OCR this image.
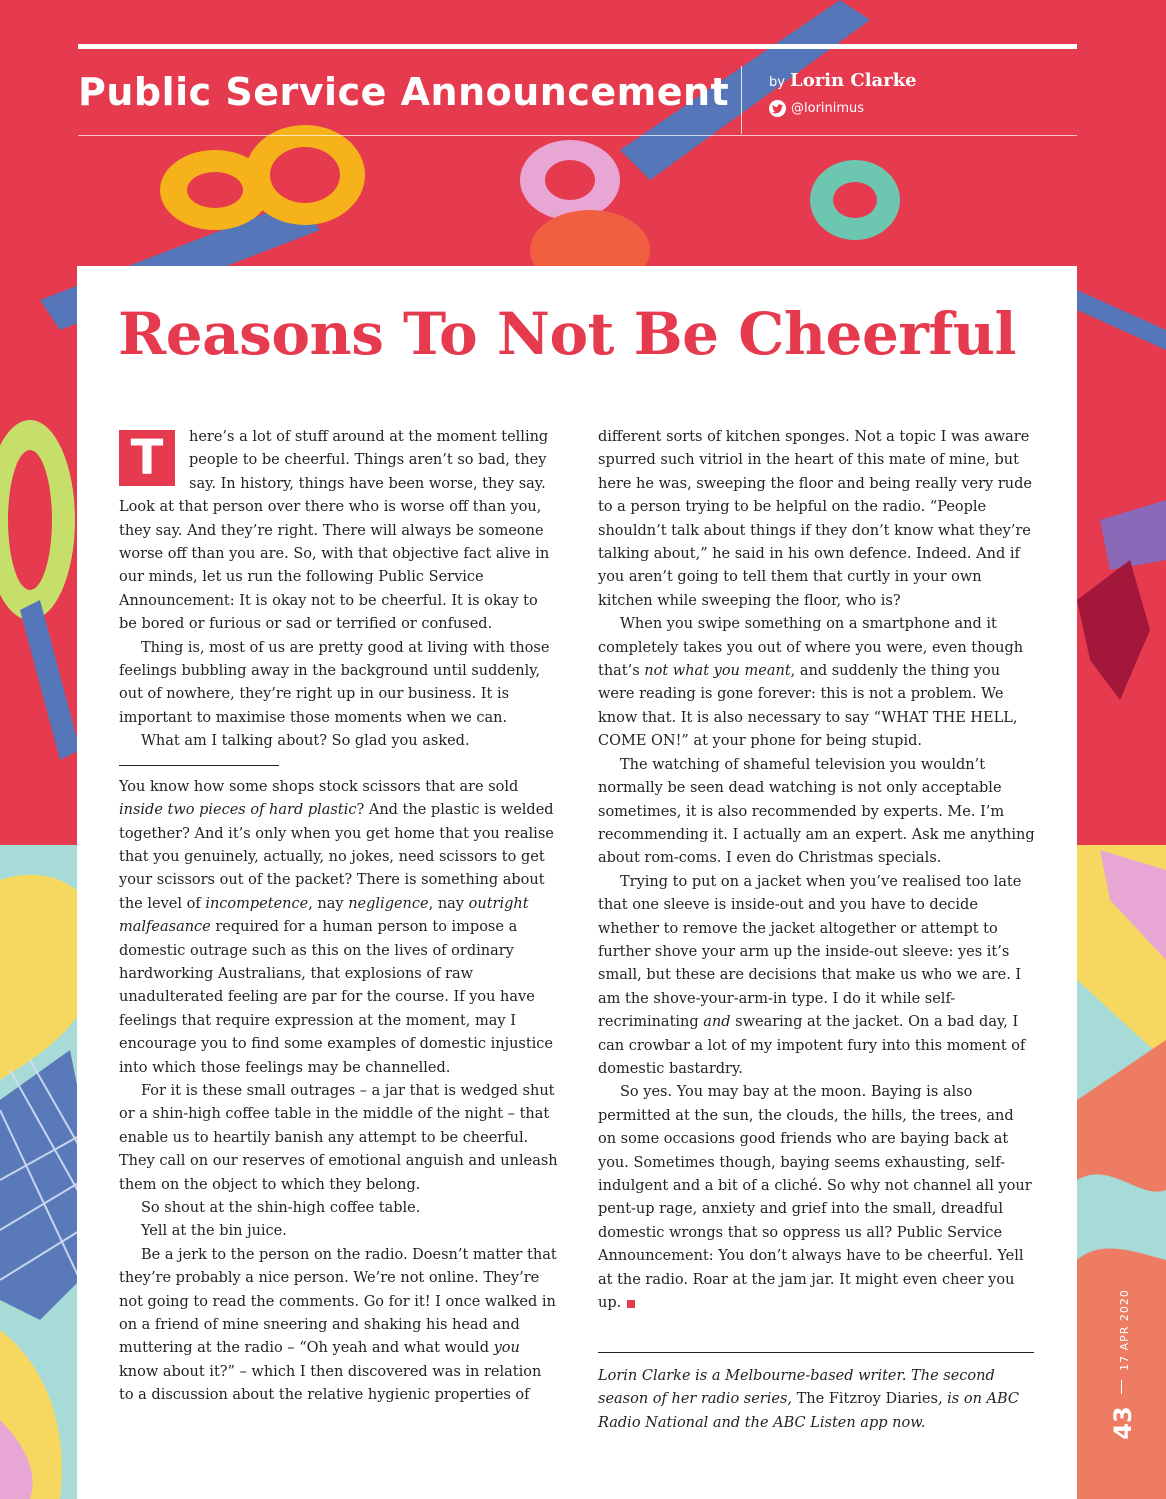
Public Service Announcement	by Lorin Clarke
@lorinimus
Reasons To Not Be Cheerful

T	here’s a lot of stuff around at the moment telling people to be cheerful. Things aren’t so bad, they say. In history, things have been worse, they say. Look at that person over there who is worse off than you, they say. And they’re right. There will always be someone worse off than you are. So, with that objective fact alive in our minds, let us run the following Public Service Announcement: It is okay not to be cheerful. It is okay to be bored or furious or sad or terrified or confused.

Thing is, most of us are pretty good at living with those feelings bubbling away in the background until suddenly, out of nowhere, they’re right up in our business. It is important to maximise those moments when we can.

What am I talking about? So glad you asked.

You know how some shops stock scissors that are sold inside two pieces of hard plastic? And the plastic is welded together? And it’s only when you get home that you realise that you genuinely, actually, no jokes, need scissors to get your scissors out of the packet? There is something about the level of incompetence, nay negligence, nay outright malfeasance required for a human person to impose a domestic outrage such as this on the lives of ordinary hardworking Australians, that explosions of raw unadulterated feeling are par for the course. If you have feelings that require expression at the moment, may I encourage you to find some examples of domestic injustice into which those feelings may be channelled.

For it is these small outrages – a jar that is wedged shut or a shin-high coffee table in the middle of the night – that enable us to heartily banish any attempt to be cheerful. They call on our reserves of emotional anguish and unleash them on the object to which they belong.

So shout at the shin-high coffee table.

Yell at the bin juice.

Be a jerk to the person on the radio. Doesn’t matter that they’re probably a nice person. We’re not online. They’re not going to read the comments. Go for it! I once walked in on a friend of mine sneering and shaking his head and muttering at the radio – “Oh yeah and what would you know about it?” – which I then discovered was in relation to a discussion about the relative hygienic properties of

different sorts of kitchen sponges. Not a topic I was aware spurred such vitriol in the heart of this mate of mine, but here he was, sweeping the floor and being really very rude to a person trying to be helpful on the radio. “People shouldn’t talk about things if they don’t know what they’re talking about,” he said in his own defence. Indeed. And if you aren’t going to tell them that curtly in your own kitchen while sweeping the floor, who is?

When you swipe something on a smartphone and it completely takes you out of where you were, even though that’s not what you meant, and suddenly the thing you were reading is gone forever: this is not a problem. We know that. It is also necessary to say “WHAT THE HELL, COME ON!” at your phone for being stupid.

The watching of shameful television you wouldn’t normally be seen dead watching is not only acceptable sometimes, it is also recommended by experts. Me. I’m recommending it. I actually am an expert. Ask me anything about rom-coms. I even do Christmas specials.

Trying to put on a jacket when you’ve realised too late that one sleeve is inside-out and you have to decide whether to remove the jacket altogether or attempt to further shove your arm up the inside-out sleeve: yes it’s small, but these are decisions that make us who we are. I am the shove-your-arm-in type. I do it while self-recriminating and swearing at the jacket. On a bad day, I can crowbar a lot of my impotent fury into this moment of domestic bastardry.

So yes. You may bay at the moon. Baying is also permitted at the sun, the clouds, the hills, the trees, and on some occasions good friends who are baying back at you. Sometimes though, baying seems exhausting, self-indulgent and a bit of a cliché. So why not channel all your pent-up rage, anxiety and grief into the small, dreadful domestic wrongs that so oppress us all? Public Service Announcement: You don’t always have to be cheerful. Yell at the radio. Roar at the jam jar. It might even cheer you up.

Lorin Clarke is a Melbourne-based writer. The second season of her radio series, The Fitzroy Diaries, is on ABC Radio National and the ABC Listen app now.
17 APR 2020
43
